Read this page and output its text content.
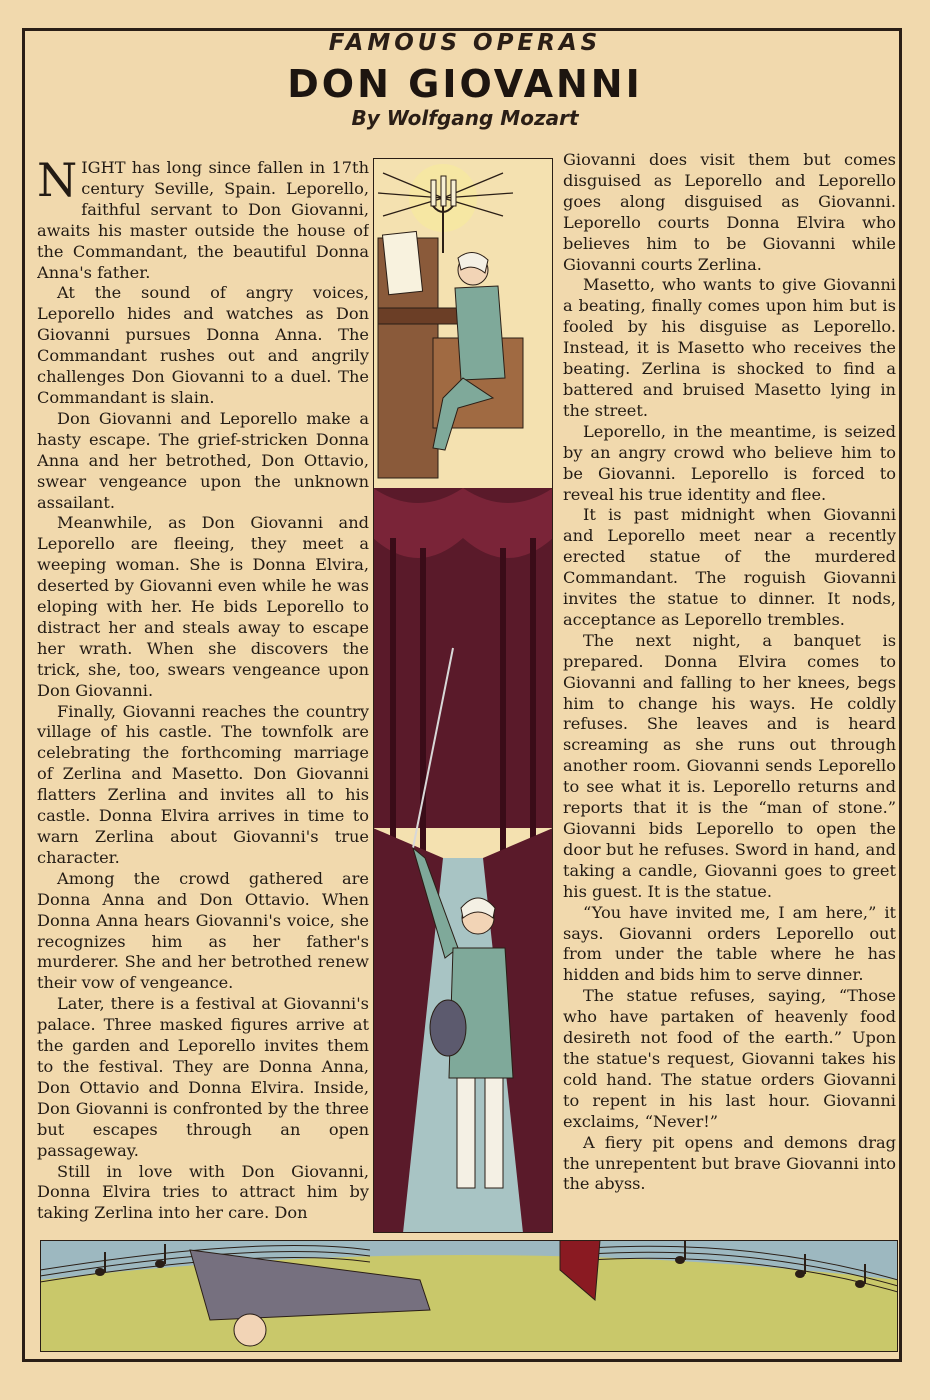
FAMOUS OPERAS
DON GIOVANNI
By Wolfgang Mozart

NIGHT has long since fallen in 17th century Seville, Spain. Leporello, faithful servant to Don Giovanni, awaits his master outside the house of the Commandant, the beautiful Donna Anna's father.

At the sound of angry voices, Leporello hides and watches as Don Giovanni pursues Donna Anna. The Commandant rushes out and angrily challenges Don Giovanni to a duel. The Commandant is slain.

Don Giovanni and Leporello make a hasty escape. The grief-stricken Donna Anna and her betrothed, Don Ottavio, swear vengeance upon the unknown assailant.

Meanwhile, as Don Giovanni and Leporello are fleeing, they meet a weeping woman. She is Donna Elvira, deserted by Giovanni even while he was eloping with her. He bids Leporello to distract her and steals away to escape her wrath. When she discovers the trick, she, too, swears vengeance upon Don Giovanni.

Finally, Giovanni reaches the country village of his castle. The townfolk are celebrating the forthcoming marriage of Zerlina and Masetto. Don Giovanni flatters Zerlina and invites all to his castle. Donna Elvira arrives in time to warn Zerlina about Giovanni's true character.

Among the crowd gathered are Donna Anna and Don Ottavio. When Donna Anna hears Giovanni's voice, she recognizes him as her father's murderer. She and her betrothed renew their vow of vengeance.

Later, there is a festival at Giovanni's palace. Three masked figures arrive at the garden and Leporello invites them to the festival. They are Donna Anna, Don Ottavio and Donna Elvira. Inside, Don Giovanni is confronted by the three but escapes through an open passageway.

Still in love with Don Giovanni, Donna Elvira tries to attract him by taking Zerlina into her care. Don

Giovanni does visit them but comes disguised as Leporello and Leporello goes along disguised as Giovanni. Leporello courts Donna Elvira who believes him to be Giovanni while Giovanni courts Zerlina.

Masetto, who wants to give Giovanni a beating, finally comes upon him but is fooled by his disguise as Leporello. Instead, it is Masetto who receives the beating. Zerlina is shocked to find a battered and bruised Masetto lying in the street.

Leporello, in the meantime, is seized by an angry crowd who believe him to be Giovanni. Leporello is forced to reveal his true identity and flee.

It is past midnight when Giovanni and Leporello meet near a recently erected statue of the murdered Commandant. The roguish Giovanni invites the statue to dinner. It nods, acceptance as Leporello trembles.

The next night, a banquet is prepared. Donna Elvira comes to Giovanni and falling to her knees, begs him to change his ways. He coldly refuses. She leaves and is heard screaming as she runs out through another room. Giovanni sends Leporello to see what it is. Leporello returns and reports that it is the “man of stone.” Giovanni bids Leporello to open the door but he refuses. Sword in hand, and taking a candle, Giovanni goes to greet his guest. It is the statue.

“You have invited me, I am here,” it says. Giovanni orders Leporello out from under the table where he has hidden and bids him to serve dinner.

The statue refuses, saying, “Those who have partaken of heavenly food desireth not food of the earth.” Upon the statue's request, Giovanni takes his cold hand. The statue orders Giovanni to repent in his last hour. Giovanni exclaims, “Never!”

A fiery pit opens and demons drag the unrepentent but brave Giovanni into the abyss.
